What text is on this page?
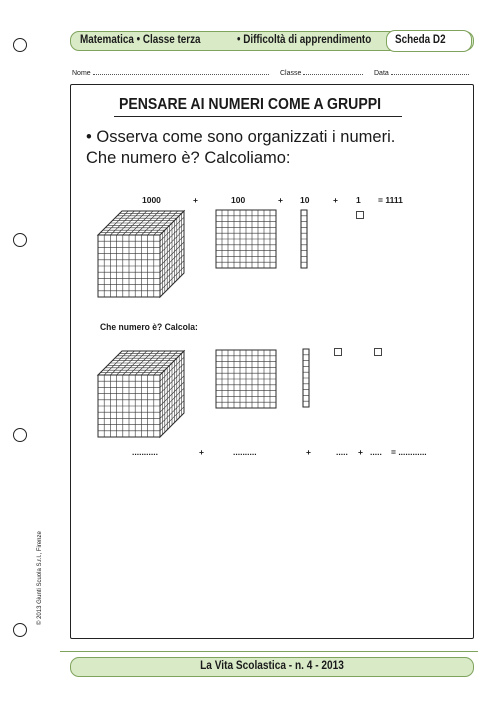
Matematica • Classe terza	• Difficoltà di apprendimento Scheda D2
Nome	Classe	Data
PENSARE AI NUMERI COME A GRUPPI
• Osserva come sono organizzati i numeri.
Che numero è? Calcoliamo:
1000	+	100	+ 10	+ 1 = 1111
Che numero è? Calcola:
...........	+	..........	+	..... + ..... = ............
© 2013 Giunti Scuola S.r.l., Firenze
La Vita Scolastica - n. 4 - 2013
